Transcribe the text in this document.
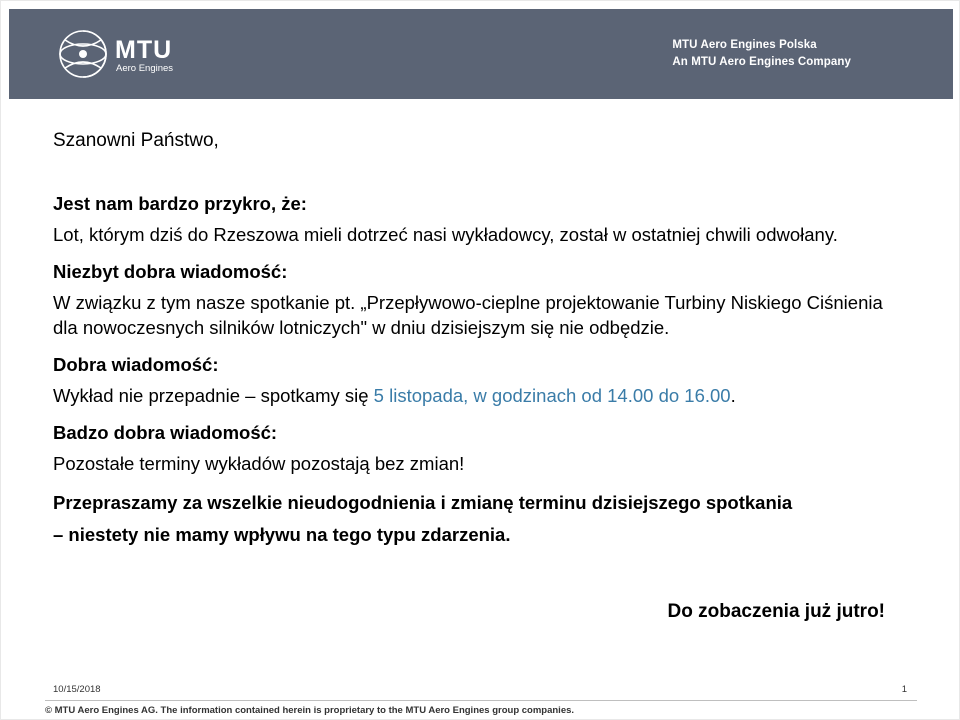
MTU
Aero Engines
MTU Aero Engines Polska
An MTU Aero Engines Company
Szanowni Państwo,
Jest nam bardzo przykro, że:
Lot, którym dziś do Rzeszowa mieli dotrzeć nasi wykładowcy, został w ostatniej chwili odwołany.
Niezbyt dobra wiadomość:
W związku z tym nasze spotkanie pt. „Przepływowo-cieplne projektowanie Turbiny Niskiego Ciśnienia dla nowoczesnych silników lotniczych" w dniu dzisiejszym się nie odbędzie.
Dobra wiadomość:
Wykład nie przepadnie – spotkamy się 5 listopada, w godzinach od 14.00 do 16.00.
Badzo dobra wiadomość:
Pozostałe terminy wykładów pozostają bez zmian!
Przepraszamy za wszelkie nieudogodnienia i zmianę terminu dzisiejszego spotkania
– niestety nie mamy wpływu na tego typu zdarzenia.
Do zobaczenia już jutro!
10/15/2018	1
© MTU Aero Engines AG. The information contained herein is proprietary to the MTU Aero Engines group companies.
